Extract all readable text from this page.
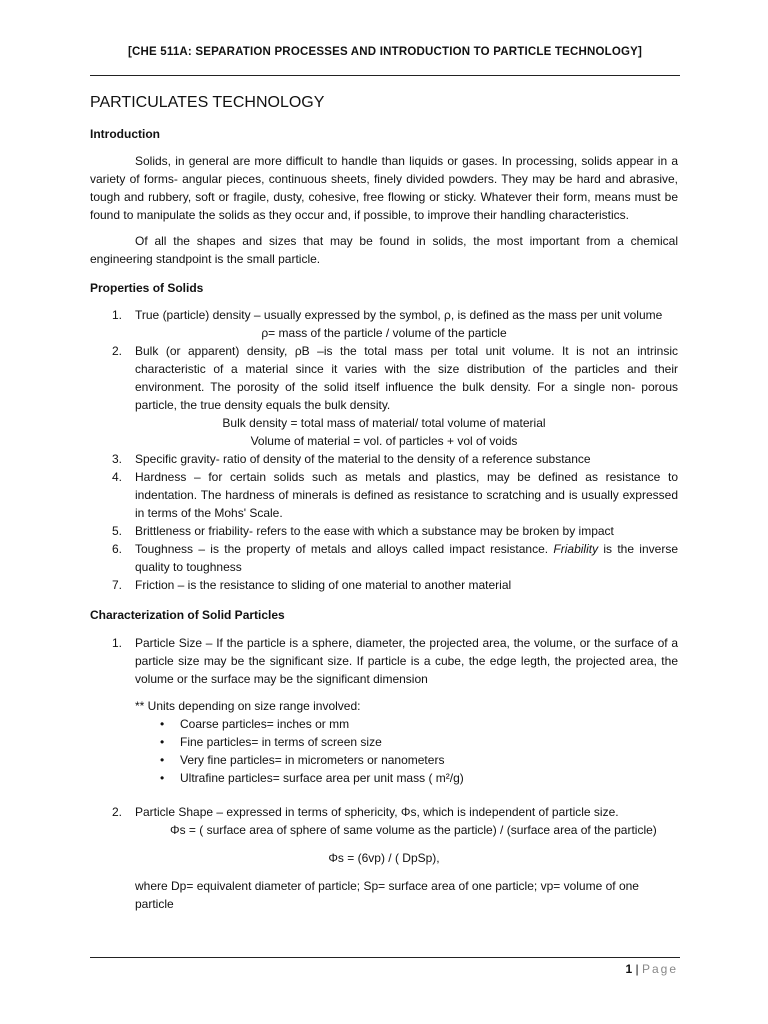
[CHE 511A: SEPARATION PROCESSES AND INTRODUCTION TO PARTICLE TECHNOLOGY]
PARTICULATES TECHNOLOGY

Introduction

Solids, in general are more difficult to handle than liquids or gases. In processing, solids appear in a variety of forms- angular pieces, continuous sheets, finely divided powders. They may be hard and abrasive, tough and rubbery, soft or fragile, dusty, cohesive, free flowing or sticky. Whatever their form, means must be found to manipulate the solids as they occur and, if possible, to improve their handling characteristics.

Of all the shapes and sizes that may be found in solids, the most important from a chemical engineering standpoint is the small particle.

Properties of Solids

1. True (particle) density – usually expressed by the symbol, ρ, is defined as the mass per unit volume

ρ= mass of the particle / volume of the particle

2. Bulk (or apparent) density, ρB –is the total mass per total unit volume. It is not an intrinsic characteristic of a material since it varies with the size distribution of the particles and their environment. The porosity of the solid itself influence the bulk density. For a single non- porous particle, the true density equals the bulk density.

Bulk density = total mass of material/ total volume of material

Volume of material = vol. of particles + vol of voids

3. Specific gravity- ratio of density of the material to the density of a reference substance
4. Hardness – for certain solids such as metals and plastics, may be defined as resistance to indentation. The hardness of minerals is defined as resistance to scratching and is usually expressed in terms of the Mohs' Scale.
5. Brittleness or friability- refers to the ease with which a substance may be broken by impact
6. Toughness – is the property of metals and alloys called impact resistance. Friability is the inverse quality to toughness
7. Friction – is the resistance to sliding of one material to another material

Characterization of Solid Particles

1. Particle Size – If the particle is a sphere, diameter, the projected area, the volume, or the surface of a particle size may be the significant size. If particle is a cube, the edge legth, the projected area, the volume or the surface may be the significant dimension

** Units depending on size range involved:

• Coarse particles= inches or mm
• Fine particles= in terms of screen size
• Very fine particles= in micrometers or nanometers
• Ultrafine particles= surface area per unit mass ( m²/g)
2. Particle Shape – expressed in terms of sphericity, Φs, which is independent of particle size.

Φs = ( surface area of sphere of same volume as the particle) / (surface area of the particle)

Φs = (6vp) / ( DpSp),

where Dp= equivalent diameter of particle; Sp= surface area of one particle; vp= volume of one particle

1 | Page
